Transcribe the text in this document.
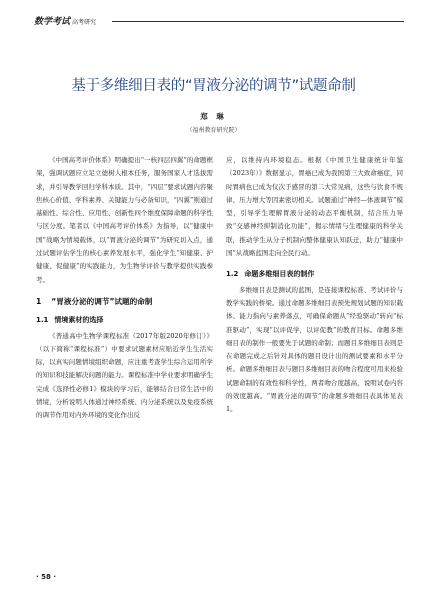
数学考试 高考研究
基于多维细目表的“胃液分泌的调节”试题命制
郑 琳
（福州教育研究院）

《中国高考评价体系》明确提出“一核四层四翼”的命题框架，强调试题应立足立德树人根本任务，服务国家人才选拔需求，并引导教学回归学科本质。其中，“四层”要求试题内容聚焦核心价值、学科素养、关键能力与必备知识，“四翼”则通过基础性、综合性、应用性、创新性四个维度保障命题的科学性与区分度。笔者以《中国高考评价体系》为指导，以“健康中国”战略为情境载体，以“胃液分泌的调节”为研究切入点，通过试题评估学生的核心素养发展水平，强化学生“知健康、护健康、促健康”的实践能力，为生物学评价与教学提供实践参考。

1 “胃液分泌的调节”试题的命制
1.1 情境素材的选择

《普通高中生物学课程标准（2017年版2020年修订）》（以下简称“课程标准”）中要求试题素材应贴近学生生活实际，以真实问题情境组织命题，应注重考查学生综合运用所学的知识和技能解决问题的能力。课程标准中学业要求明确学生完成《选择性必修1》模块的学习后，能够结合日常生活中的情境，分析说明人体通过神经系统、内分泌系统以及免疫系统的调节作用对内外环境的变化作出反

应，以维持内环境稳态。根据《中国卫生健康统计年鉴（2023年）》数据显示，胃癌已成为我国第三大致命癌症，同时胃病也已成为仅次于感冒的第二大常见病，这些与饮食不规律、压力增大等因素密切相关。试题通过“神经—体液调节”模型，引导学生理解胃液分泌的动态平衡机制，结合压力导致“交感神经抑制消化功能”，揭示情绪与生理健康的科学关联，推动学生从分子机制向整体健康认知跃迁，助力“健康中国”从战略蓝图走向全民行动。

1.2 命题多维细目表的制作

多维细目表是测试的蓝图，是连接课程标准、考试评价与教学实践的桥梁。通过命题多维细目表预先规划试题的知识载体、能力指向与素养落点，可确保命题从“经验驱动”转向“标准驱动”，实现“以评促学，以评促教”的教育目标。命题多维细目表的制作一般要先于试题的命制；而题目多维细目表则是在命题完成之后针对具体的题目设计出的测试要素和水平分析。命题多维细目表与题目多维细目表的吻合程度可用来检验试题命制的有效性和科学性，两者吻合度越高，说明试卷内容的效度越高。“胃液分泌的调节”的命题多维细目表具体见表1。

· 58 ·
